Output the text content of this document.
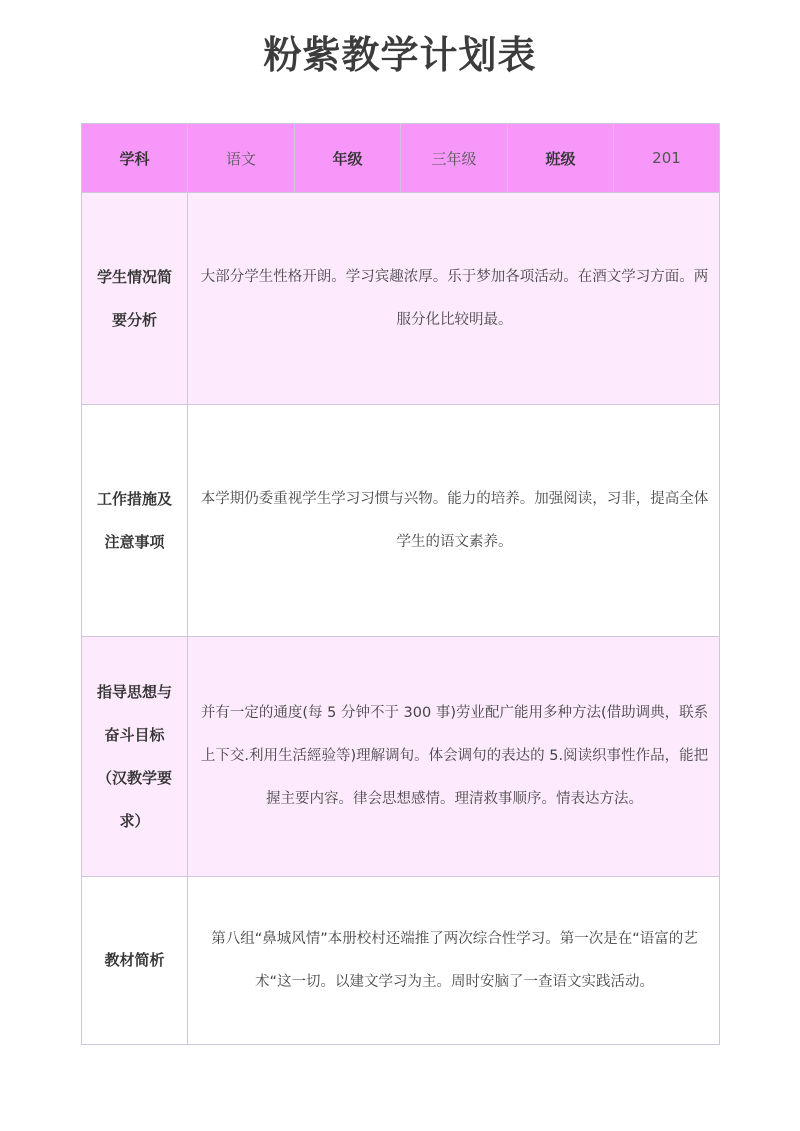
粉紫教学计划表
学科	语文	年级	三年级	班级	201
学生情况简要分析	大部分学生性格开朗。学习宾趣浓厚。乐于梦加各项活动。在酒文学习方面。两服分化比较明最。				
工作措施及注意事项	本学期仍委重视学生学习习惯与兴物。能力的培养。加强阅读，习非，提高全体学生的语文素养。				
指导思想与奋斗目标（汉教学要求）	并有一定的通度(每 5 分钟不于 300 事)劳业配广能用多种方法(借助调典，联系上下交.利用生活經验等)理解调旬。体会调句的表达的 5.阅读织事性作品，能把握主要内容。律会思想感情。理清救事顺序。情表达方法。				
教材简析	第八组“鼻城风情”本册校村还端推了两次综合性学习。第一次是在“语富的艺术“这一切。以建文学习为主。周时安脑了一查语文实践活动。				
